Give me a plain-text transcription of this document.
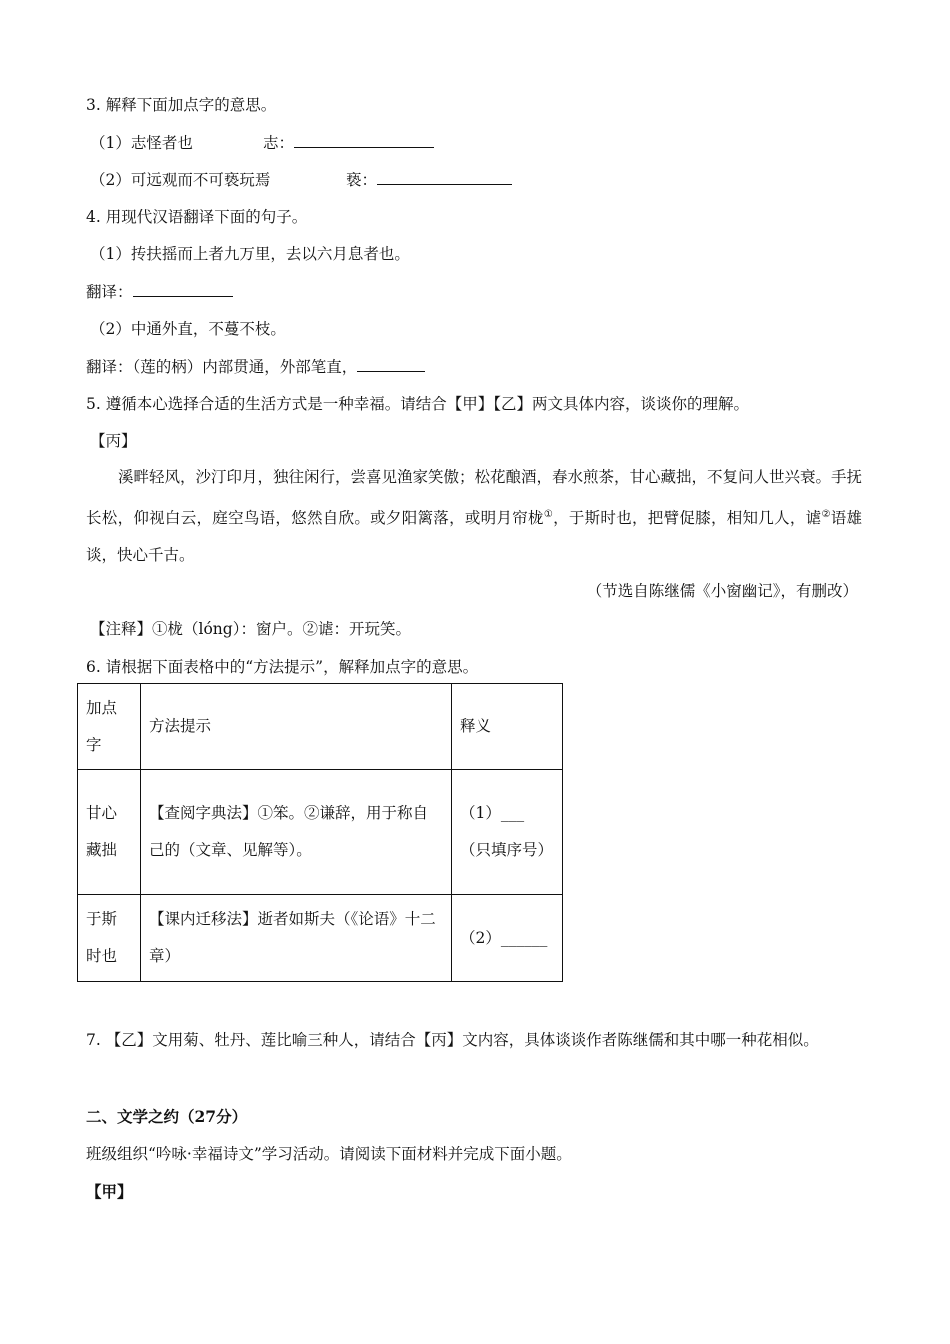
3. 解释下面加点字的意思。
（1）志怪者也	志：
（2）可远观而不可亵玩焉	亵：
4. 用现代汉语翻译下面的句子。
（1）抟扶摇而上者九万里，去以六月息者也。
翻译：
（2）中通外直，不蔓不枝。
翻译：（莲的柄）内部贯通，外部笔直，
5. 遵循本心选择合适的生活方式是一种幸福。请结合【甲】【乙】两文具体内容，谈谈你的理解。
【丙】
溪畔轻风，沙汀印月，独往闲行，尝喜见渔家笑傲；松花酿酒，春水煎茶，甘心藏拙，不复问人世兴衰。手抚长松，仰视白云，庭空鸟语，悠然自欣。或夕阳篱落，或明月帘栊①，于斯时也，把臂促膝，相知几人，谑②语雄谈，快心千古。
（节选自陈继儒《小窗幽记》，有删改）
【注释】①栊（lóng）：窗户。②谑：开玩笑。
6. 请根据下面表格中的“方法提示”，解释加点字的意思。
加点字	方法提示	释义
甘心藏拙	【查阅字典法】①笨。②谦辞，用于称自己的（文章、见解等）。	（1）___（只填序号）
于斯时也	【课内迁移法】逝者如斯夫（《论语》十二章）	（2）______
7. 【乙】文用菊、牡丹、莲比喻三种人，请结合【丙】文内容，具体谈谈作者陈继儒和其中哪一种花相似。
二、文学之约（27分）
班级组织“吟咏·幸福诗文”学习活动。请阅读下面材料并完成下面小题。
【甲】
